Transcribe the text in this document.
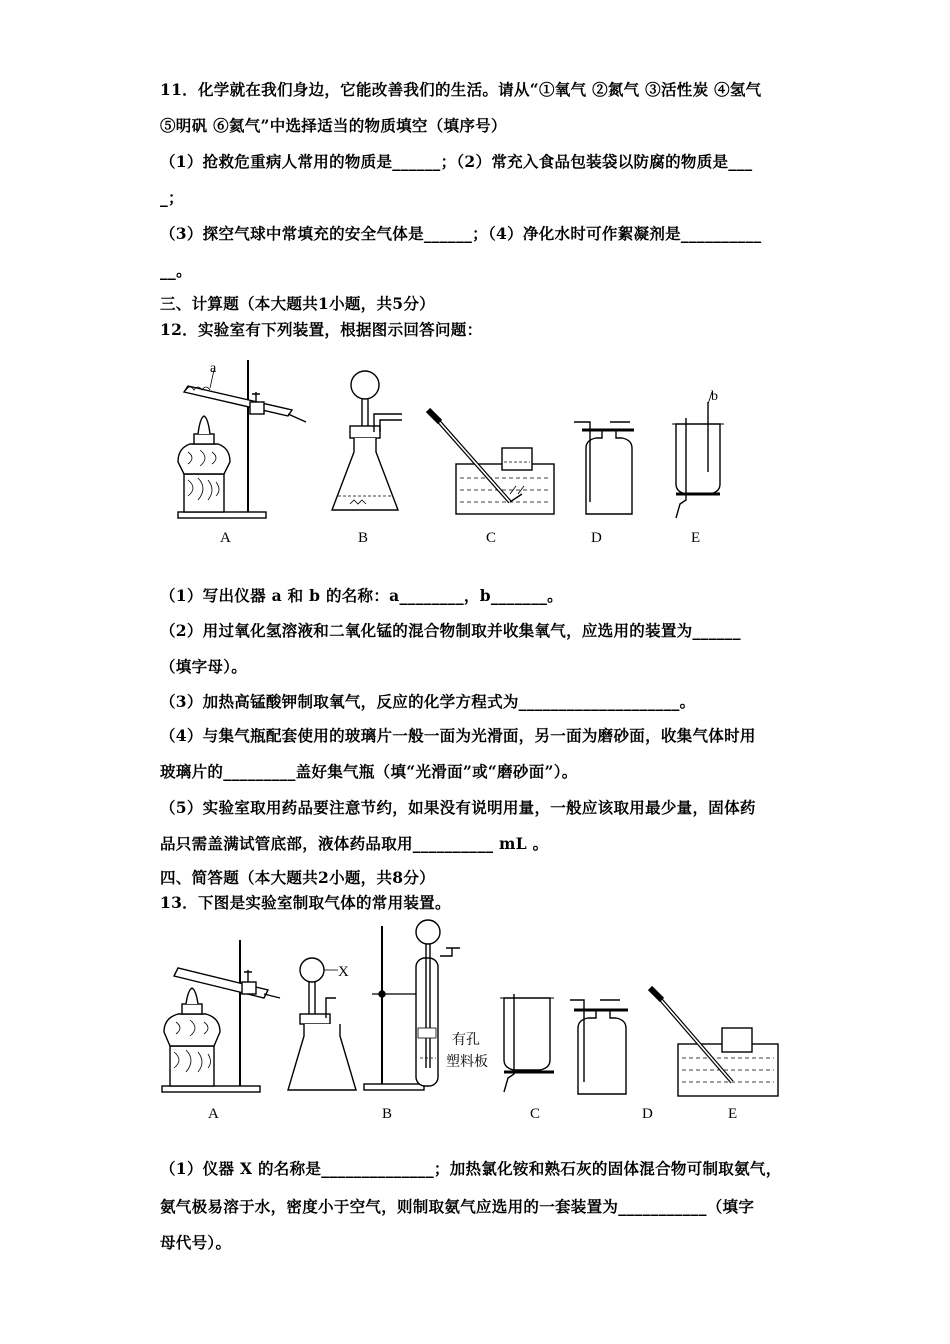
11．化学就在我们身边，它能改善我们的生活。请从“①氧气 ②氮气 ③活性炭 ④氢气
⑤明矾 ⑥氦气”中选择适当的物质填空（填序号）
（1）抢救危重病人常用的物质是______；（2）常充入食品包装袋以防腐的物质是___
_；
（3）探空气球中常填充的安全气体是______；（4）净化水时可作絮凝剂是__________
__。
三、计算题（本大题共1小题，共5分）
12．实验室有下列装置，根据图示回答问题：
a
b
A	B	C	D	E
（1）写出仪器 a 和 b 的名称：a________，b_______。
（2）用过氧化氢溶液和二氧化锰的混合物制取并收集氧气，应选用的装置为______
（填字母）。
（3）加热高锰酸钾制取氧气，反应的化学方程式为____________________。
（4）与集气瓶配套使用的玻璃片一般一面为光滑面，另一面为磨砂面，收集气体时用
玻璃片的_________盖好集气瓶（填“光滑面”或“磨砂面”）。
（5）实验室取用药品要注意节约，如果没有说明用量，一般应该取用最少量，固体药
品只需盖满试管底部，液体药品取用__________ mL 。
四、简答题（本大题共2小题，共8分）
13．下图是实验室制取气体的常用装置。
X
有孔
塑料板
A	B	C	D	E
（1）仪器 X 的名称是______________；加热氯化铵和熟石灰的固体混合物可制取氨气，
氨气极易溶于水，密度小于空气，则制取氨气应选用的一套装置为___________（填字
母代号）。
